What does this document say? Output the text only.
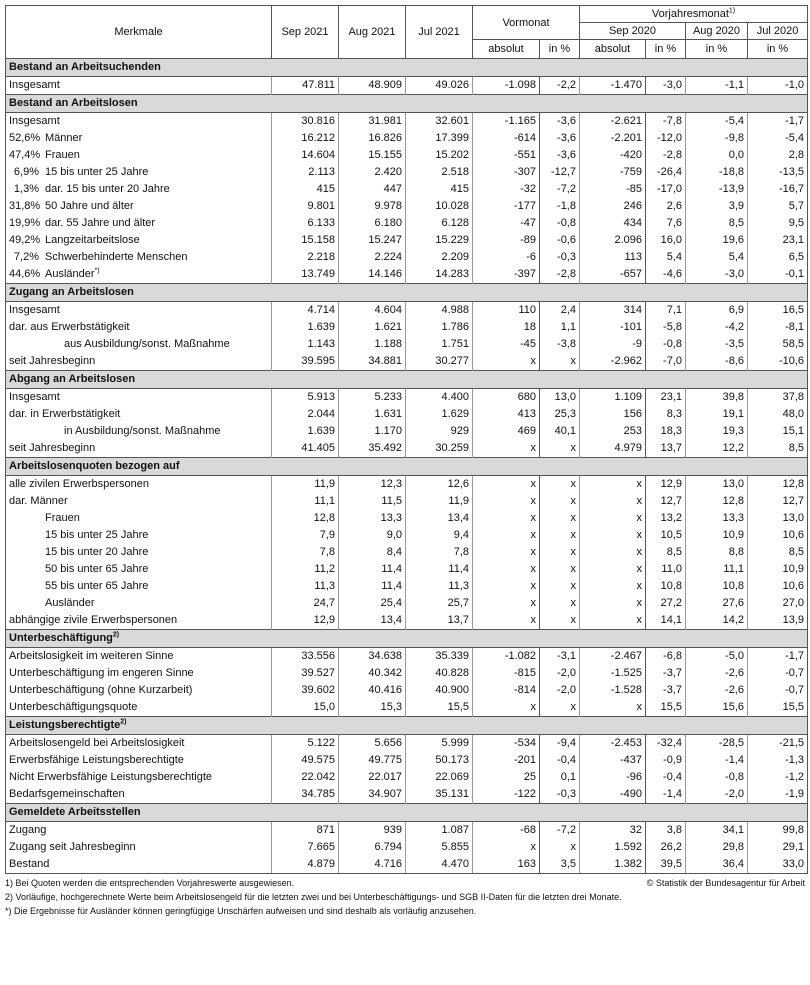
Merkmale	Sep 2021	Aug 2021	Jul 2021	Vormonat		Vorjahresmonat$^{1)}$
						Sep 2020		Aug 2020	Jul 2020
				absolut	in %	absolut	in %	in %	in %
Bestand an Arbeitsuchenden									
Insgesamt	47.811	48.909	49.026	-1.098	-2,2	-1.470	-3,0	-1,1	-1,0
Bestand an Arbeitslosen									
Insgesamt	30.816	31.981	32.601	-1.165	-3,6	-2.621	-7,8	-5,4	-1,7
52,6% Männer	16.212	16.826	17.399	-614	-3,6	-2.201	-12,0	-9,8	-5,4
47,4% Frauen	14.604	15.155	15.202	-551	-3,6	-420	-2,8	0,0	2,8
6,9% 15 bis unter 25 Jahre	2.113	2.420	2.518	-307	-12,7	-759	-26,4	-18,8	-13,5
1,3% dar. 15 bis unter 20 Jahre	415	447	415	-32	-7,2	-85	-17,0	-13,9	-16,7
31,8% 50 Jahre und älter	9.801	9.978	10.028	-177	-1,8	246	2,6	3,9	5,7
19,9% dar. 55 Jahre und älter	6.133	6.180	6.128	-47	-0,8	434	7,6	8,5	9,5
49,2% Langzeitarbeitslose	15.158	15.247	15.229	-89	-0,6	2.096	16,0	19,6	23,1
7,2% Schwerbehinderte Menschen	2.218	2.224	2.209	-6	-0,3	113	5,4	5,4	6,5
44,6% Ausländer*)	13.749	14.146	14.283	-397	-2,8	-657	-4,6	-3,0	-0,1
Zugang an Arbeitslosen									
Insgesamt	4.714	4.604	4.988	110	2,4	314	7,1	6,9	16,5
dar. aus Erwerbstätigkeit	1.639	1.621	1.786	18	1,1	-101	-5,8	-4,2	-8,1
aus Ausbildung/sonst. Maßnahme	1.143	1.188	1.751	-45	-3,8	-9	-0,8	-3,5	58,5
seit Jahresbeginn	39.595	34.881	30.277	x	x	-2.962	-7,0	-8,6	-10,6
Abgang an Arbeitslosen									
Insgesamt	5.913	5.233	4.400	680	13,0	1.109	23,1	39,8	37,8
dar. in Erwerbstätigkeit	2.044	1.631	1.629	413	25,3	156	8,3	19,1	48,0
in Ausbildung/sonst. Maßnahme	1.639	1.170	929	469	40,1	253	18,3	19,3	15,1
seit Jahresbeginn	41.405	35.492	30.259	x	x	4.979	13,7	12,2	8,5
Arbeitslosenquoten bezogen auf									
alle zivilen Erwerbspersonen	11,9	12,3	12,6	x	x	x	12,9	13,0	12,8
dar. Männer	11,1	11,5	11,9	x	x	x	12,7	12,8	12,7
Frauen	12,8	13,3	13,4	x	x	x	13,2	13,3	13,0
15 bis unter 25 Jahre	7,9	9,0	9,4	x	x	x	10,5	10,9	10,6
15 bis unter 20 Jahre	7,8	8,4	7,8	x	x	x	8,5	8,8	8,5
50 bis unter 65 Jahre	11,2	11,4	11,4	x	x	x	11,0	11,1	10,9
55 bis unter 65 Jahre	11,3	11,4	11,3	x	x	x	10,8	10,8	10,6
Ausländer	24,7	25,4	25,7	x	x	x	27,2	27,6	27,0
abhängige zivile Erwerbspersonen	12,9	13,4	13,7	x	x	x	14,1	14,2	13,9
Unterbeschäftigung$^{2)}$									
Arbeitslosigkeit im weiteren Sinne	33.556	34.638	35.339	-1.082	-3,1	-2.467	-6,8	-5,0	-1,7
Unterbeschäftigung im engeren Sinne	39.527	40.342	40.828	-815	-2,0	-1.525	-3,7	-2,6	-0,7
Unterbeschäftigung (ohne Kurzarbeit)	39.602	40.416	40.900	-814	-2,0	-1.528	-3,7	-2,6	-0,7
Unterbeschäftigungsquote	15,0	15,3	15,5	x	x	x	15,5	15,6	15,5
Leistungsberechtigte$^{2)}$									
Arbeitslosengeld bei Arbeitslosigkeit	5.122	5.656	5.999	-534	-9,4	-2.453	-32,4	-28,5	-21,5
Erwerbsfähige Leistungsberechtigte	49.575	49.775	50.173	-201	-0,4	-437	-0,9	-1,4	-1,3
Nicht Erwerbsfähige Leistungsberechtigte	22.042	22.017	22.069	25	0,1	-96	-0,4	-0,8	-1,2
Bedarfsgemeinschaften	34.785	34.907	35.131	-122	-0,3	-490	-1,4	-2,0	-1,9
Gemeldete Arbeitsstellen									
Zugang	871	939	1.087	-68	-7,2	32	3,8	34,1	99,8
Zugang seit Jahresbeginn	7.665	6.794	5.855	x	x	1.592	26,2	29,8	29,1
Bestand	4.879	4.716	4.470	163	3,5	1.382	39,5	36,4	33,0
1) Bei Quoten werden die entsprechenden Vorjahreswerte ausgewiesen.	© Statistik der Bundesagentur für Arbeit
2) Vorläufige, hochgerechnete Werte beim Arbeitslosengeld für die letzten zwei und bei Unterbeschäftigungs- und SGB II-Daten für die letzten drei Monate.
*) Die Ergebnisse für Ausländer können geringfügige Unschärfen aufweisen und sind deshalb als vorläufig anzusehen.
